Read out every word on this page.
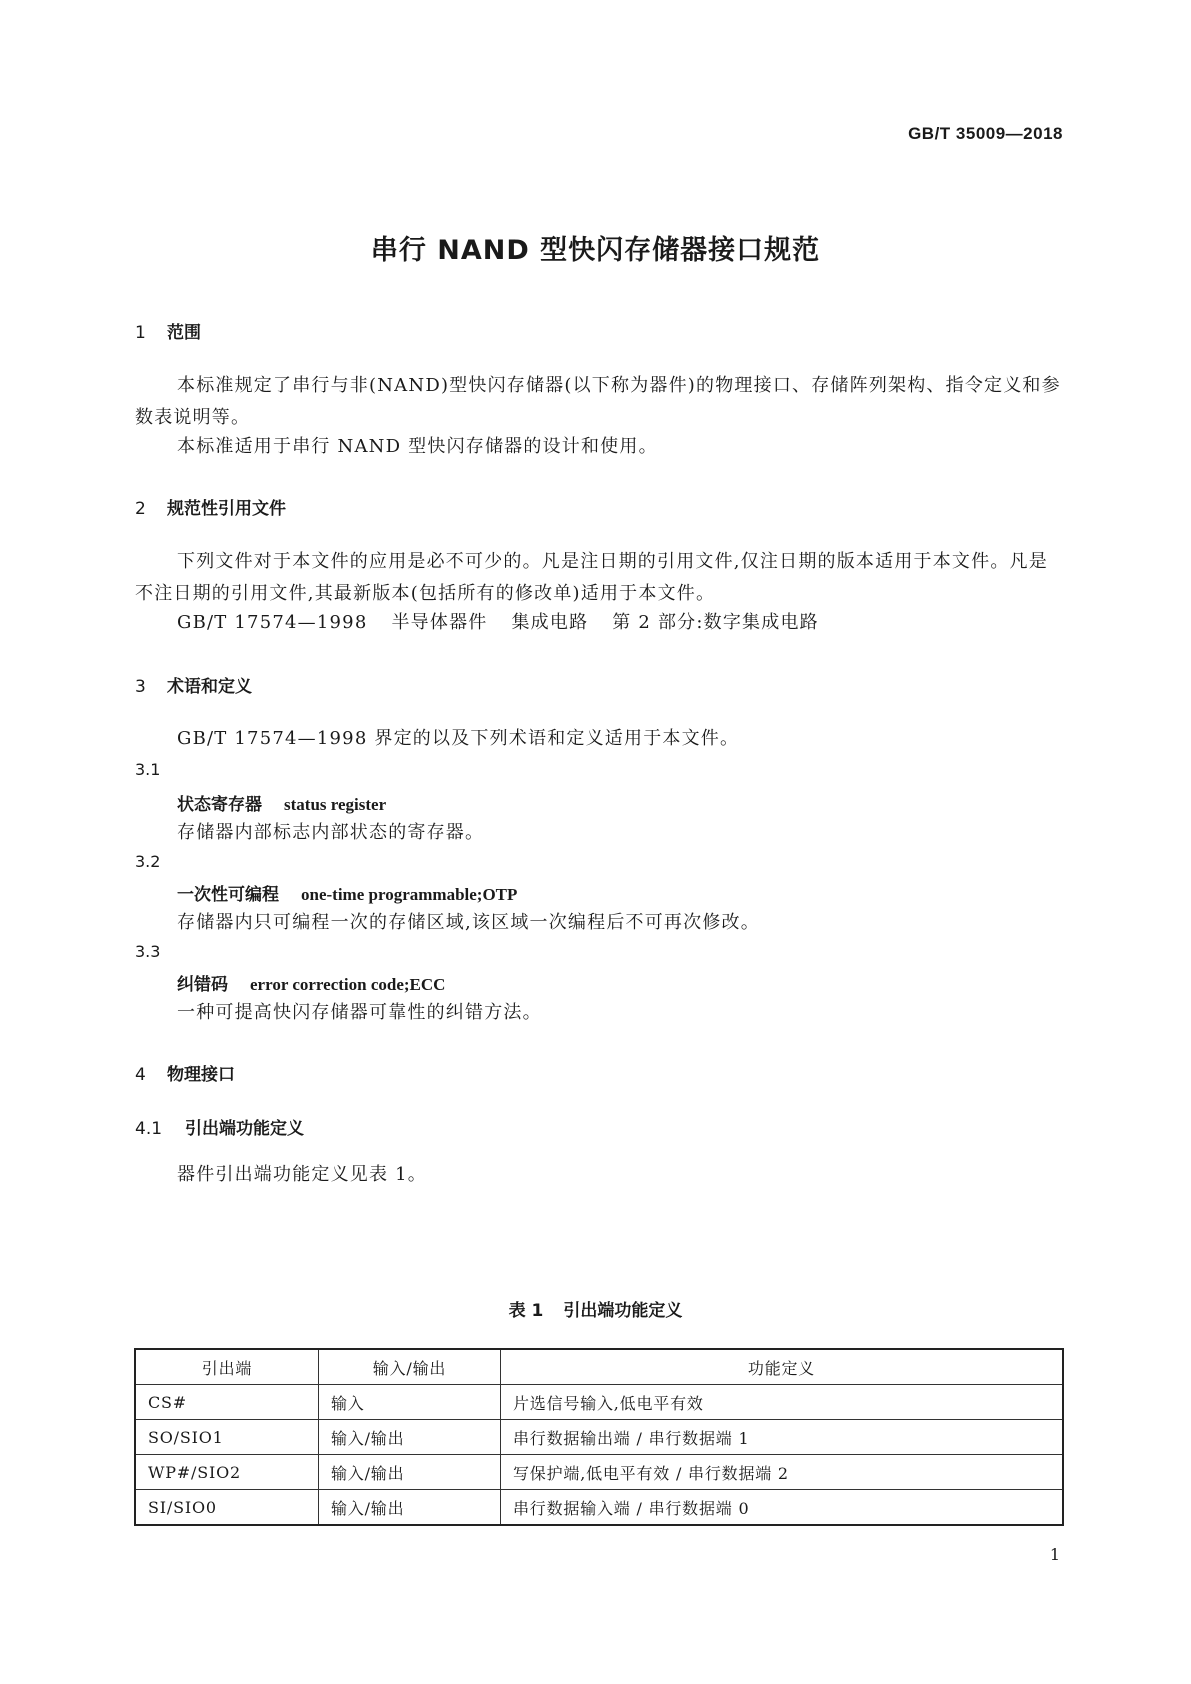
GB/T 35009—2018
串行 NAND 型快闪存储器接口规范
1 范围
本标准规定了串行与非(NAND)型快闪存储器(以下称为器件)的物理接口、存储阵列架构、指令定义和参数表说明等。
本标准适用于串行 NAND 型快闪存储器的设计和使用。
2 规范性引用文件
下列文件对于本文件的应用是必不可少的。凡是注日期的引用文件,仅注日期的版本适用于本文件。凡是不注日期的引用文件,其最新版本(包括所有的修改单)适用于本文件。
GB/T 17574—1998 半导体器件 集成电路 第 2 部分:数字集成电路
3 术语和定义
GB/T 17574—1998 界定的以及下列术语和定义适用于本文件。
3.1
状态寄存器 status register
存储器内部标志内部状态的寄存器。
3.2
一次性可编程 one-time programmable;OTP
存储器内只可编程一次的存储区域,该区域一次编程后不可再次修改。
3.3
纠错码 error correction code;ECC
一种可提高快闪存储器可靠性的纠错方法。
4 物理接口
4.1 引出端功能定义
器件引出端功能定义见表 1。
表 1 引出端功能定义
引出端	输入/输出	功能定义
CS#	输入	片选信号输入,低电平有效
SO/SIO1	输入/输出	串行数据输出端 / 串行数据端 1
WP#/SIO2	输入/输出	写保护端,低电平有效 / 串行数据端 2
SI/SIO0	输入/输出	串行数据输入端 / 串行数据端 0
1
